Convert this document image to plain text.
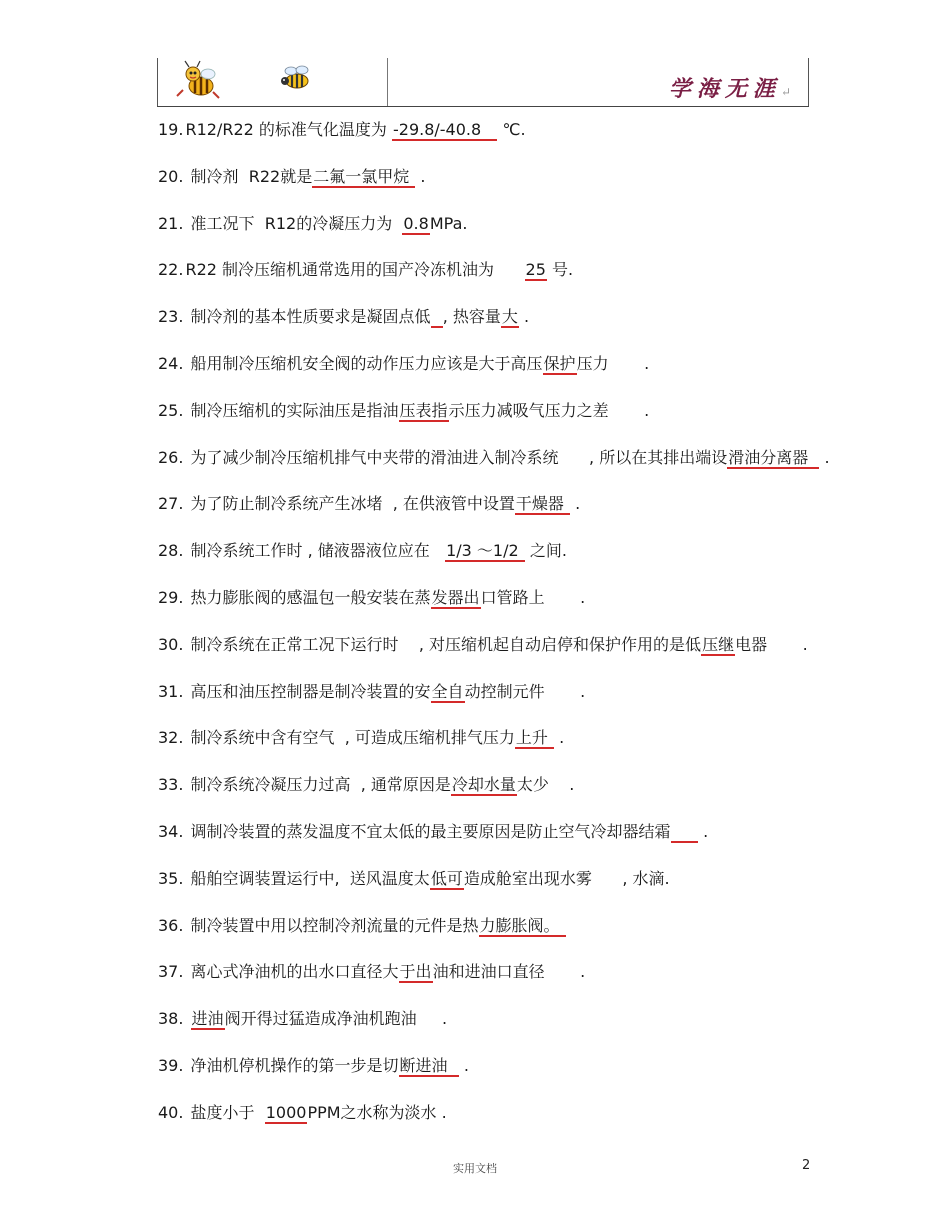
学海无涯↵
19. R12/R22 的标准气化温度为 -29.8/-40.8    ℃.
20. 制冷剂  R22就是二氟一氯甲烷  .
21. 准工况下  R12的冷凝压力为  0.8MPa.
22. R22 制冷压缩机通常选用的国产冷冻机油为      25 号.
23. 制冷剂的基本性质要求是凝固点低 , 热容量大 .
24. 船用制冷压缩机安全阀的动作压力应该是大于高压保护压力       .
25. 制冷压缩机的实际油压是指油压表指示压力减吸气压力之差       .
26. 为了减少制冷压缩机排气中夹带的滑油进入制冷系统      , 所以在其排出端设滑油分离器   .
27. 为了防止制冷系统产生冰堵  , 在供液管中设置干燥器  .
28. 制冷系统工作时 , 储液器液位应在   1/3 ～1/2  之间.
29. 热力膨胀阀的感温包一般安装在蒸发器出口管路上       .
30. 制冷系统在正常工况下运行时    , 对压缩机起自动启停和保护作用的是低压继电器       .
31. 高压和油压控制器是制冷装置的安全自动控制元件       .
32. 制冷系统中含有空气  , 可造成压缩机排气压力上升  .
33. 制冷系统冷凝压力过高  , 通常原因是冷却水量太少    .
34. 调制冷装置的蒸发温度不宜太低的最主要原因是防止空气冷却器结霜      .
35. 船舶空调装置运行中,  送风温度太低可造成舱室出现水雾      , 水滴.
36. 制冷装置中用以控制冷剂流量的元件是热力膨胀阀。
37. 离心式净油机的出水口直径大于出油和进油口直径       .
38. 进油阀开得过猛造成净油机跑油     .
39. 净油机停机操作的第一步是切断进油   .
40. 盐度小于  1000PPM之水称为淡水 .
实用文档	2
